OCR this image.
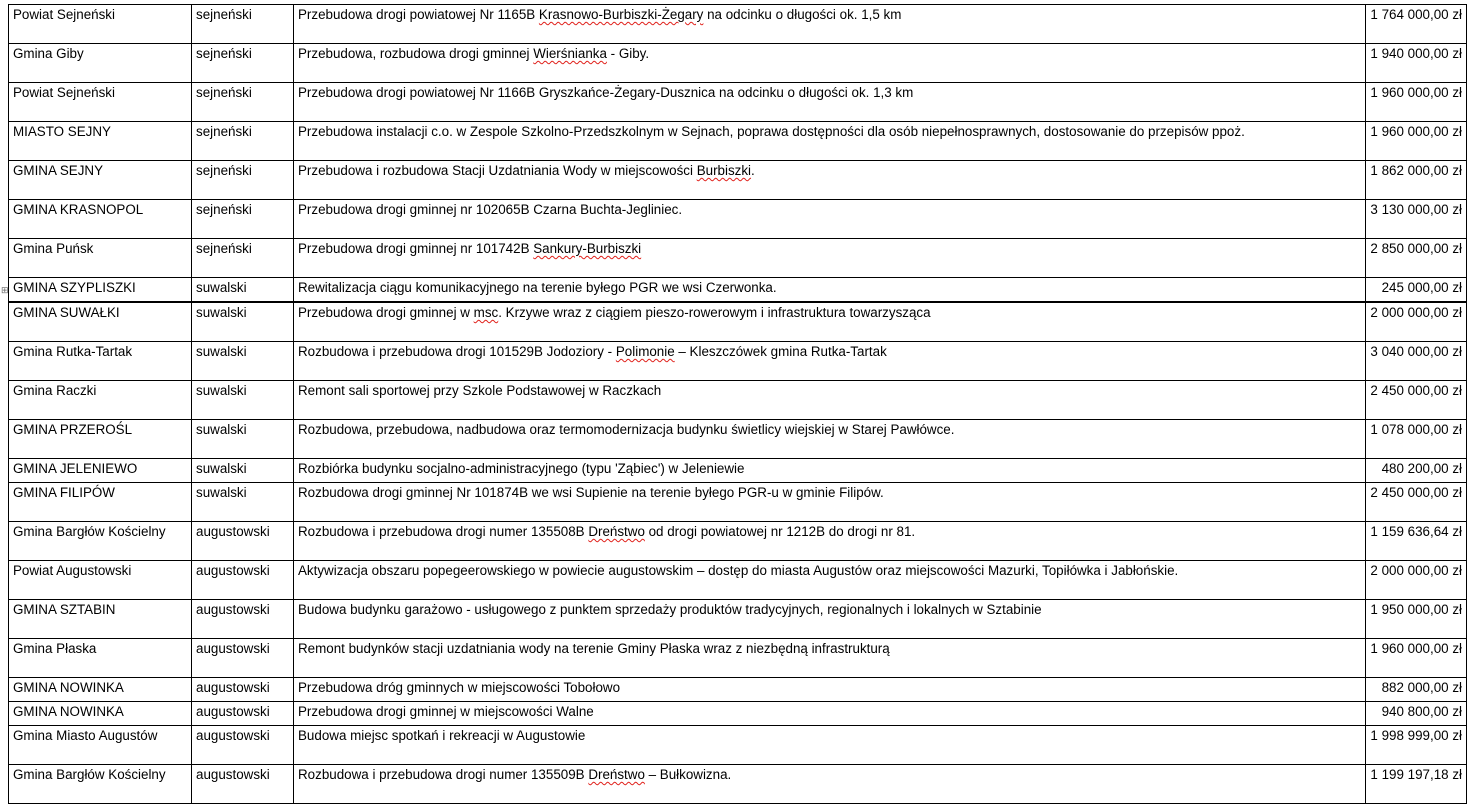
⊞
Powiat Sejneński	sejneński	Przebudowa drogi powiatowej Nr 1165B Krasnowo-Burbiszki-Żegary na odcinku o długości ok. 1,5 km	1 764 000,00 zł
Gmina Giby	sejneński	Przebudowa, rozbudowa drogi gminnej Wierśnianka - Giby.	1 940 000,00 zł
Powiat Sejneński	sejneński	Przebudowa drogi powiatowej Nr 1166B Gryszkańce-Żegary-Dusznica na odcinku o długości ok. 1,3 km	1 960 000,00 zł
MIASTO SEJNY	sejneński	Przebudowa instalacji c.o. w Zespole Szkolno-Przedszkolnym w Sejnach, poprawa dostępności dla osób niepełnosprawnych, dostosowanie do przepisów ppoż.	1 960 000,00 zł
GMINA SEJNY	sejneński	Przebudowa i rozbudowa Stacji Uzdatniania Wody w miejscowości Burbiszki.	1 862 000,00 zł
GMINA KRASNOPOL	sejneński	Przebudowa drogi gminnej nr 102065B Czarna Buchta-Jegliniec.	3 130 000,00 zł
Gmina Puńsk	sejneński	Przebudowa drogi gminnej nr 101742B Sankury-Burbiszki	2 850 000,00 zł
GMINA SZYPLISZKI	suwalski	Rewitalizacja ciągu komunikacyjnego na terenie byłego PGR we wsi Czerwonka.	245 000,00 zł
GMINA SUWAŁKI	suwalski	Przebudowa drogi gminnej w msc. Krzywe wraz z ciągiem pieszo-rowerowym i infrastruktura towarzysząca	2 000 000,00 zł
Gmina Rutka-Tartak	suwalski	Rozbudowa i przebudowa drogi 101529B Jodoziory - Polimonie – Kleszczówek gmina Rutka-Tartak	3 040 000,00 zł
Gmina Raczki	suwalski	Remont sali sportowej przy Szkole Podstawowej w Raczkach	2 450 000,00 zł
GMINA PRZEROŚL	suwalski	Rozbudowa, przebudowa, nadbudowa oraz termomodernizacja budynku świetlicy wiejskiej w Starej Pawłówce.	1 078 000,00 zł
GMINA JELENIEWO	suwalski	Rozbiórka budynku socjalno-administracyjnego (typu 'Ząbiec') w Jeleniewie	480 200,00 zł
GMINA FILIPÓW	suwalski	Rozbudowa drogi gminnej Nr 101874B we wsi Supienie na terenie byłego PGR-u w gminie Filipów.	2 450 000,00 zł
Gmina Bargłów Kościelny	augustowski	Rozbudowa i przebudowa drogi numer 135508B Dreństwo od drogi powiatowej nr 1212B do drogi nr 81.	1 159 636,64 zł
Powiat Augustowski	augustowski	Aktywizacja obszaru popegeerowskiego w powiecie augustowskim – dostęp do miasta Augustów oraz miejscowości Mazurki, Topiłówka i Jabłońskie.	2 000 000,00 zł
GMINA SZTABIN	augustowski	Budowa budynku garażowo - usługowego z punktem sprzedaży produktów tradycyjnych, regionalnych i lokalnych w Sztabinie	1 950 000,00 zł
Gmina Płaska	augustowski	Remont budynków stacji uzdatniania wody na terenie Gminy Płaska wraz z niezbędną infrastrukturą	1 960 000,00 zł
GMINA NOWINKA	augustowski	Przebudowa dróg gminnych w miejscowości Tobołowo	882 000,00 zł
GMINA NOWINKA	augustowski	Przebudowa drogi gminnej w miejscowości Walne	940 800,00 zł
Gmina Miasto Augustów	augustowski	Budowa miejsc spotkań i rekreacji w Augustowie	1 998 999,00 zł
Gmina Bargłów Kościelny	augustowski	Rozbudowa i przebudowa drogi numer 135509B Dreństwo – Bułkowizna.	1 199 197,18 zł
